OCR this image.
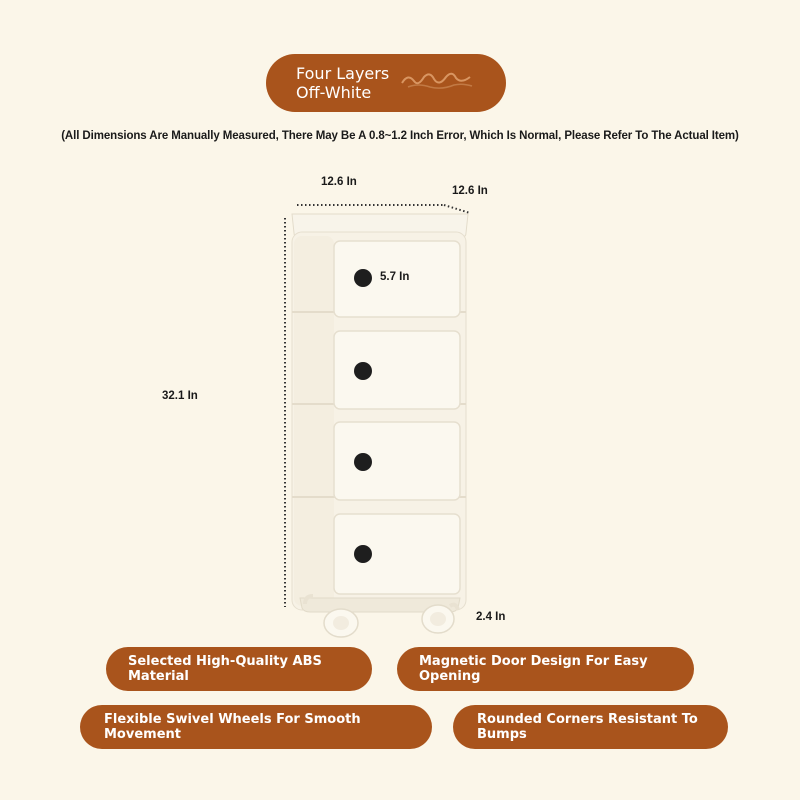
Four Layers
Off-White
(All Dimensions Are Manually Measured, There May Be A 0.8~1.2 Inch Error, Which Is Normal, Please Refer To The Actual Item)
12.6 In
12.6 In
5.7 In
32.1 In
2.4 In
Selected High-Quality ABS
Material
Magnetic Door Design For Easy
Opening
Flexible Swivel Wheels For Smooth
Movement
Rounded Corners Resistant To
Bumps
